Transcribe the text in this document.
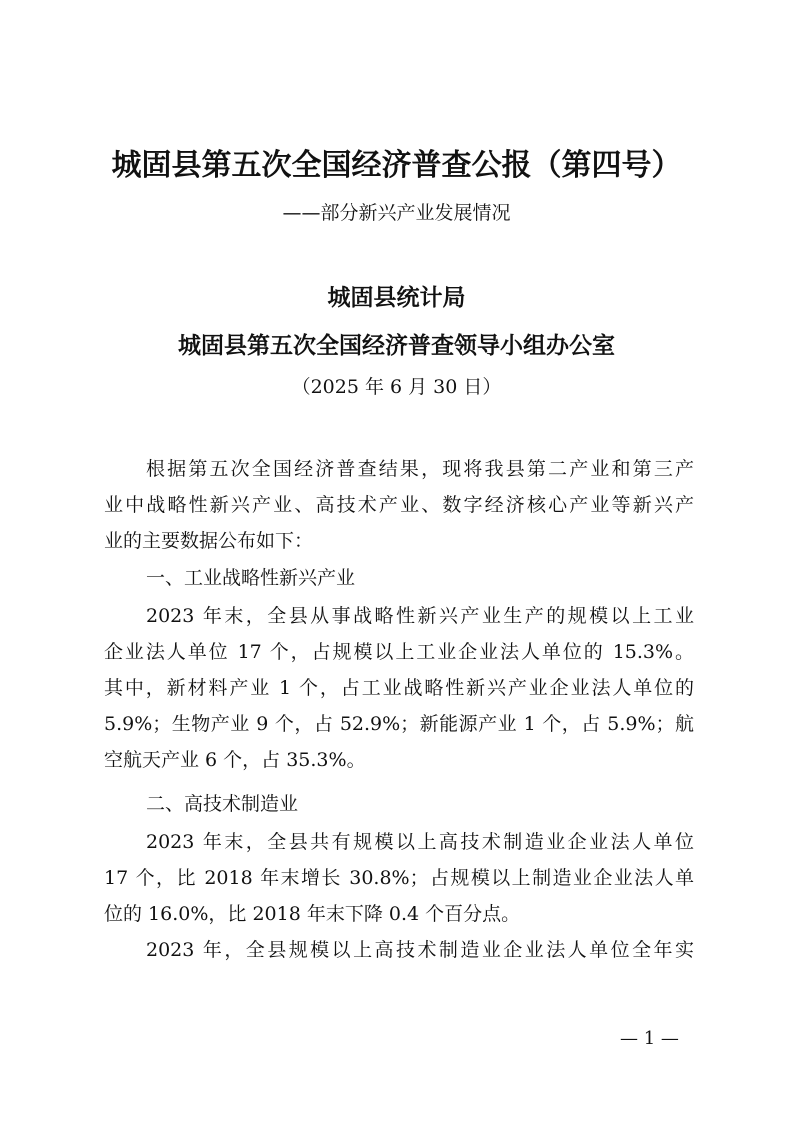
城固县第五次全国经济普查公报（第四号）
——部分新兴产业发展情况
城固县统计局
城固县第五次全国经济普查领导小组办公室
（2025 年 6 月 30 日）
根据第五次全国经济普查结果，现将我县第二产业和第三产
业中战略性新兴产业、高技术产业、数字经济核心产业等新兴产
业的主要数据公布如下：
一、工业战略性新兴产业
2023 年末，全县从事战略性新兴产业生产的规模以上工业
企业法人单位 17 个，占规模以上工业企业法人单位的 15.3%。
其中，新材料产业 1 个，占工业战略性新兴产业企业法人单位的
5.9%；生物产业 9 个，占 52.9%；新能源产业 1 个，占 5.9%；航
空航天产业 6 个，占 35.3%。
二、高技术制造业
2023 年末，全县共有规模以上高技术制造业企业法人单位
17 个，比 2018 年末增长 30.8%；占规模以上制造业企业法人单
位的 16.0%，比 2018 年末下降 0.4 个百分点。
2023 年，全县规模以上高技术制造业企业法人单位全年实
— 1 —
